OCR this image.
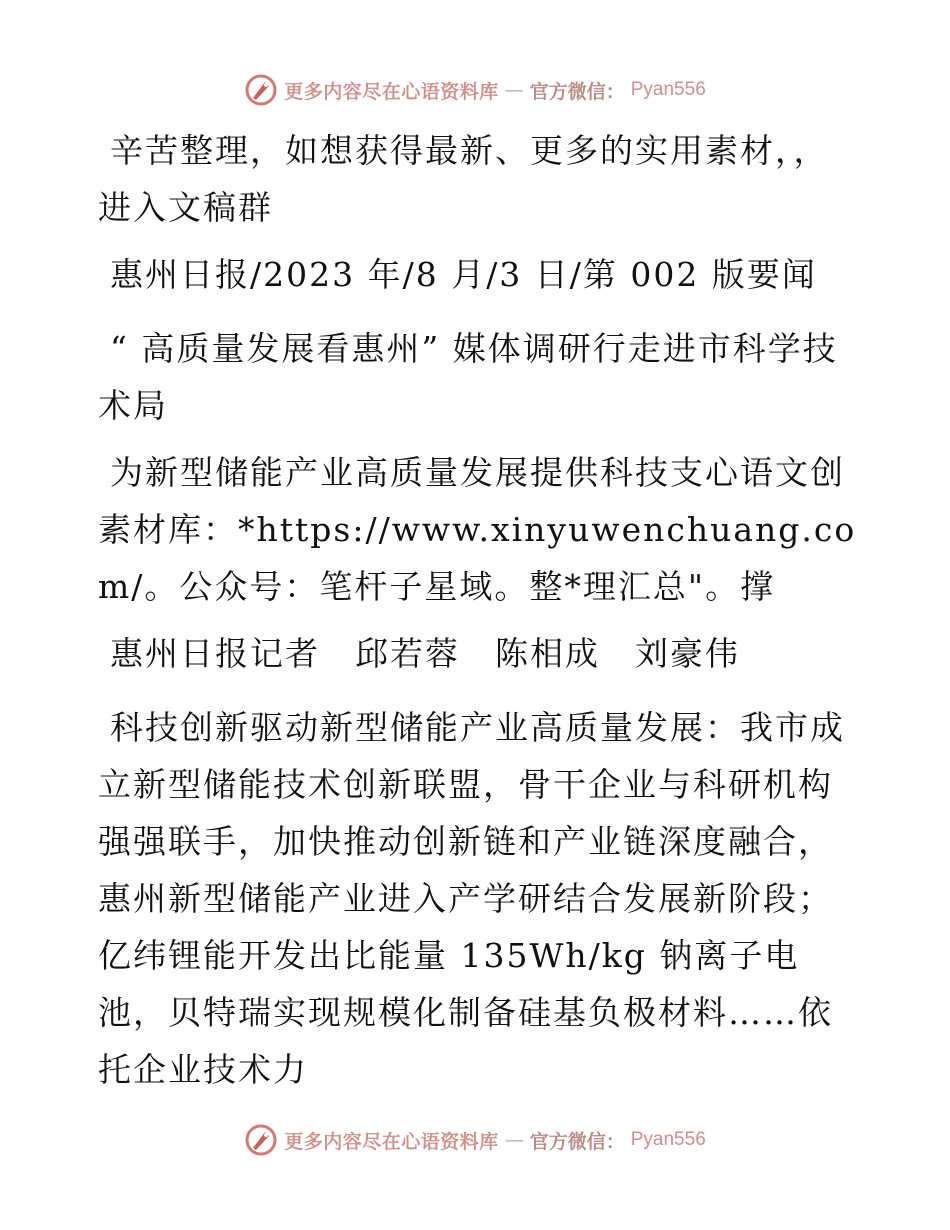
更多内容尽在心语资料库 — 官方微信： Pyan556

辛苦整理，如想获得最新、更多的实用素材，，进入文稿群

惠州日报/2023 年/8 月/3 日/第 002 版要闻

“ 高质量发展看惠州” 媒体调研行走进市科学技术局

为新型储能产业高质量发展提供科技支心语文创素材库：*https://www.xinyuwenchuang.com/。公众号：笔杆子星域。整*理汇总"。撑

惠州日报记者　邱若蓉　陈相成　刘豪伟

科技创新驱动新型储能产业高质量发展：我市成立新型储能技术创新联盟，骨干企业与科研机构强强联手，加快推动创新链和产业链深度融合，惠州新型储能产业进入产学研结合发展新阶段；亿纬锂能开发出比能量 135Wh/kg 钠离子电池，贝特瑞实现规模化制备硅基负极材料……依托企业技术力

更多内容尽在心语资料库 — 官方微信： Pyan556
